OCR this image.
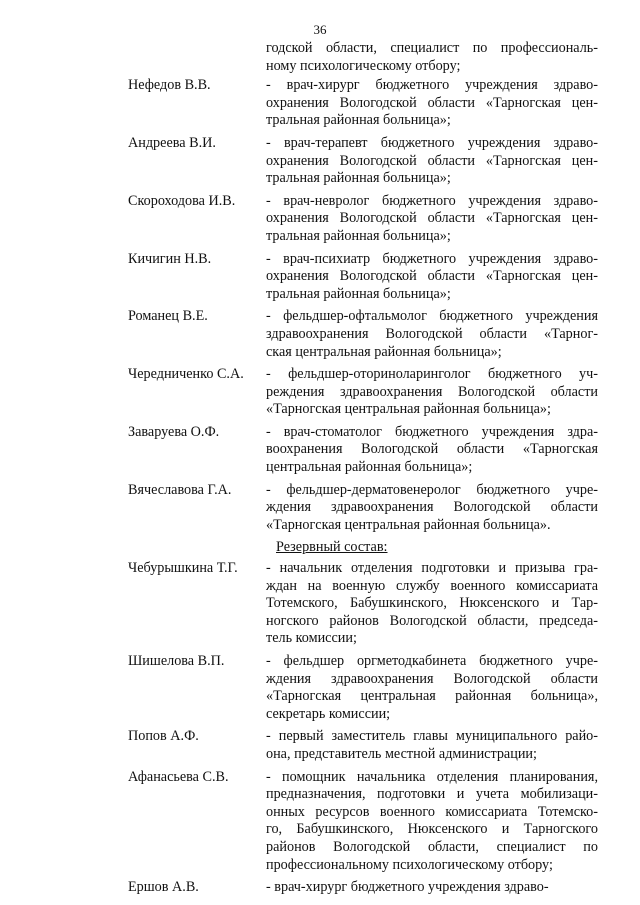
36
годской области, специалист по профессиональ-
ному психологическому отбору;
Нефедов В.В.	- врач-хирург бюджетного учреждения здраво-
охранения Вологодской области «Тарногская цен-
тральная районная больница»;
Андреева В.И.	- врач-терапевт бюджетного учреждения здраво-
охранения Вологодской области «Тарногская цен-
тральная районная больница»;
Скороходова И.В.	- врач-невролог бюджетного учреждения здраво-
охранения Вологодской области «Тарногская цен-
тральная районная больница»;
Кичигин Н.В.	- врач-психиатр бюджетного учреждения здраво-
охранения Вологодской области «Тарногская цен-
тральная районная больница»;
Романец В.Е.	- фельдшер-офтальмолог бюджетного учреждения
здравоохранения Вологодской области «Тарног-
ская центральная районная больница»;
Чередниченко С.А.	- фельдшер-оториноларинголог бюджетного уч-
реждения здравоохранения Вологодской области
«Тарногская центральная районная больница»;
Заваруева О.Ф.	- врач-стоматолог бюджетного учреждения здра-
воохранения Вологодской области «Тарногская
центральная районная больница»;
Вячеславова Г.А.	- фельдшер-дерматовенеролог бюджетного учре-
ждения здравоохранения Вологодской области
«Тарногская центральная районная больница».
Резервный состав:
Чебурышкина Т.Г.	- начальник отделения подготовки и призыва гра-
ждан на военную службу военного комиссариата
Тотемского, Бабушкинского, Нюксенского и Тар-
ногского районов Вологодской области, председа-
тель комиссии;
Шишелова В.П.	- фельдшер оргметодкабинета бюджетного учре-
ждения здравоохранения Вологодской области
«Тарногская центральная районная больница»,
секретарь комиссии;
Попов А.Ф.	- первый заместитель главы муниципального райо-
она, представитель местной администрации;
Афанасьева С.В.	- помощник начальника отделения планирования,
предназначения, подготовки и учета мобилизаци-
онных ресурсов военного комиссариата Тотемско-
го, Бабушкинского, Нюксенского и Тарногского
районов Вологодской области, специалист по
профессиональному психологическому отбору;
Ершов А.В.	- врач-хирург бюджетного учреждения здраво-
